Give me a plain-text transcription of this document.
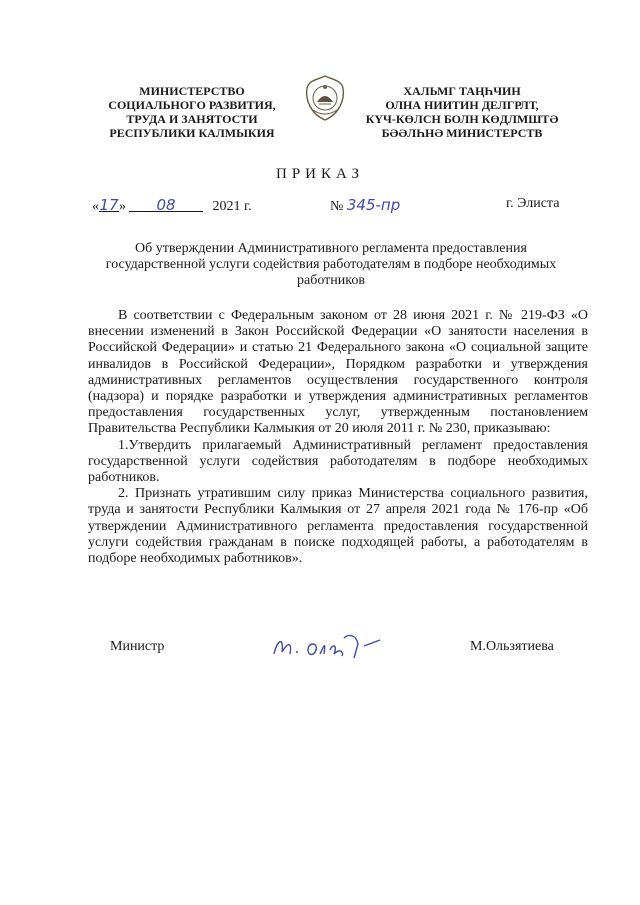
МИНИСТЕРСТВО
СОЦИАЛЬНОГО РАЗВИТИЯ,
ТРУДА И ЗАНЯТОСТИ
РЕСПУБЛИКИ КАЛМЫКИЯ
ХАЛЬМГ ТАҢҺЧИН
ОЛНА НИИТИН ДЕЛГРЛТ,
КҮЧ-КӨЛСН БОЛН КӨДЛМШТӘ
БӘӘЛҺНӘ МИНИСТЕРСТВ
ПРИКАЗ
«17» 08	2021 г.	№ 345-пр	г. Элиста
Об утверждении Административного регламента предоставления государственной услуги содействия работодателям в подборе необходимых работников

В соответствии с Федеральным законом от 28 июня 2021 г. № 219-ФЗ «О внесении изменений в Закон Российской Федерации «О занятости населения в Российской Федерации» и статью 21 Федерального закона «О социальной защите инвалидов в Российской Федерации», Порядком разработки и утверждения административных регламентов осуществления государственного контроля (надзора) и порядке разработки и утверждения административных регламентов предоставления государственных услуг, утвержденным постановлением Правительства Республики Калмыкия от 20 июля 2011 г. № 230, приказываю:

1.Утвердить прилагаемый Административный регламент предоставления государственной услуги содействия работодателям в подборе необходимых работников.

2. Признать утратившим силу приказ Министерства социального развития, труда и занятости Республики Калмыкия от 27 апреля 2021 года № 176-пр «Об утверждении Административного регламента предоставления государственной услуги содействия гражданам в поиске подходящей работы, а работодателям в подборе необходимых работников».

Министр	М.Ользятиева
